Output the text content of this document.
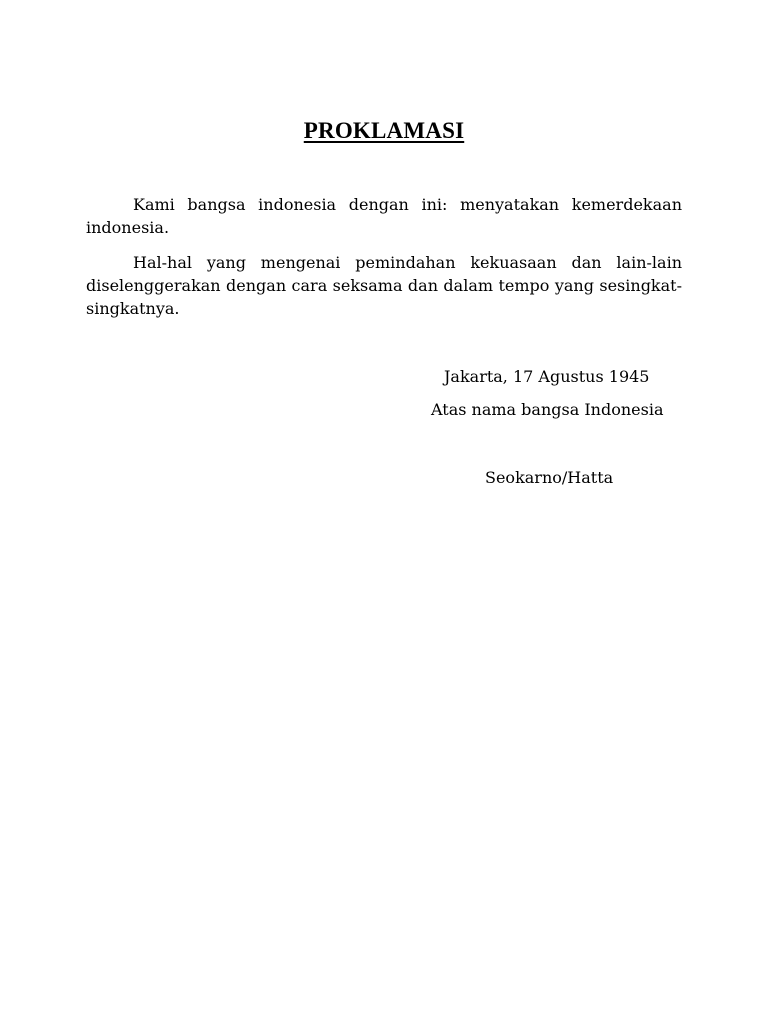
PROKLAMASI

Kami bangsa indonesia dengan ini: menyatakan kemerdekaan indonesia.

Hal-hal yang mengenai pemindahan kekuasaan dan lain-lain diselenggerakan dengan cara seksama dan dalam tempo yang sesingkat-singkatnya.

Jakarta, 17 Agustus 1945

Atas nama bangsa Indonesia

Seokarno/Hatta
